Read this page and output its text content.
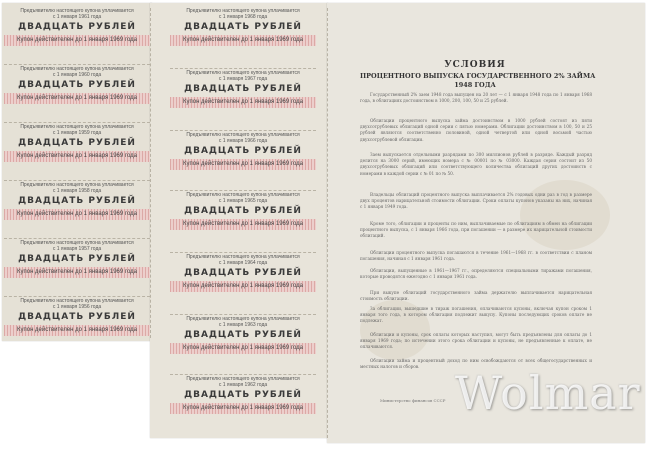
Предъявителю настоящего купона уплачивается
с 1 января 1961 года
ДВАДЦАТЬ РУБЛЕЙ
Купон действителен до 1 января 1969 года
Предъявителю настоящего купона уплачивается
с 1 января 1960 года
ДВАДЦАТЬ РУБЛЕЙ
Купон действителен до 1 января 1969 года
Предъявителю настоящего купона уплачивается
с 1 января 1959 года
ДВАДЦАТЬ РУБЛЕЙ
Купон действителен до 1 января 1969 года
Предъявителю настоящего купона уплачивается
с 1 января 1958 года
ДВАДЦАТЬ РУБЛЕЙ
Купон действителен до 1 января 1969 года
Предъявителю настоящего купона уплачивается
с 1 января 1957 года
ДВАДЦАТЬ РУБЛЕЙ
Купон действителен до 1 января 1969 года
Предъявителю настоящего купона уплачивается
с 1 января 1956 года
ДВАДЦАТЬ РУБЛЕЙ
Купон действителен до 1 января 1969 года
Предъявителю настоящего купона уплачивается
с 1 января 1968 года
ДВАДЦАТЬ РУБЛЕЙ
Купон действителен до 1 января 1969 года
Предъявителю настоящего купона уплачивается
с 1 января 1967 года
ДВАДЦАТЬ РУБЛЕЙ
Купон действителен до 1 января 1969 года
Предъявителю настоящего купона уплачивается
с 1 января 1966 года
ДВАДЦАТЬ РУБЛЕЙ
Купон действителен до 1 января 1969 года
Предъявителю настоящего купона уплачивается
с 1 января 1965 года
ДВАДЦАТЬ РУБЛЕЙ
Купон действителен до 1 января 1969 года
Предъявителю настоящего купона уплачивается
с 1 января 1964 года
ДВАДЦАТЬ РУБЛЕЙ
Купон действителен до 1 января 1969 года
Предъявителю настоящего купона уплачивается
с 1 января 1963 года
ДВАДЦАТЬ РУБЛЕЙ
Купон действителен до 1 января 1969 года
Предъявителю настоящего купона уплачивается
с 1 января 1962 года
ДВАДЦАТЬ РУБЛЕЙ
Купон действителен до 1 января 1969 года
УСЛОВИЯ
ПРОЦЕНТНОГО ВЫПУСКА ГОСУДАРСТВЕННОГО 2% ЗАЙМА
1948 ГОДА
Государственный 2% заем 1948 года выпущен на 20 лет — с 1 января 1948 года по 1 января 1968 года, в облигациях достоинством в 1000, 200, 100, 50 и 25 рублей.
Облигации процентного выпуска займа достоинством в 1000 рублей состоят из пяти двухсотрублевых облигаций одной серии с пятью номерами. Облигации достоинством в 100, 50 и 25 рублей являются соответственно половиной, одной четвертой или одной восьмой частью двухсотрублевой облигации.
Заем выпускается отдельными разрядами по 300 миллионов рублей в разряде. Каждый разряд делится на 3000 серий, имеющих номера с № 00001 по № 03000. Каждая серия состоит из 50 двухсотрублевых облигаций или соответствующего количества облигаций других достоинств с номерами в каждой серии с № 01 по № 50.
Владельцы облигаций процентного выпуска выплачивается 2% годовых одни раз в год в размере двух процентов нарицательной стоимости облигации. Сроки оплаты купонов указаны на них, начиная с 1 января 1949 года.
Кроме того, облигации и проценты по ним, выплачиваемые по облигациям в обмен на облигации процентного выпуска, с 1 января 1966 года, при погашении — в размере их нарицательной стоимости облигаций.
Облигации процентного выпуска погашаются в течение 1961—1968 гг. в соответствии с планом погашения, начиная с 1 января 1961 года.
Облигации, выпущенные в 1961—1967 гг., определяются специальными тиражами погашения, которые проводятся ежегодно с 1 января 1961 года.
При выкупе облигаций государственного займа держателю выплачивается нарицательная стоимость облигации.
За облигации, вышедшие в тираж погашения, оплачиваются купоны, включая купон сроком 1 января того года, в котором облигация подлежит выкупу. Купоны последующих сроков оплате не подлежат.
Облигации и купоны, срок оплаты которых наступил, могут быть предъявлены для оплаты до 1 января 1969 года; по истечении этого срока облигации и купоны, не предъявленные к оплате, не оплачиваются.
Облигации займа и процентный доход по ним освобождаются от всех общегосударственных и местных налогов и сборов.
Министерство финансов СССР Wolmar
